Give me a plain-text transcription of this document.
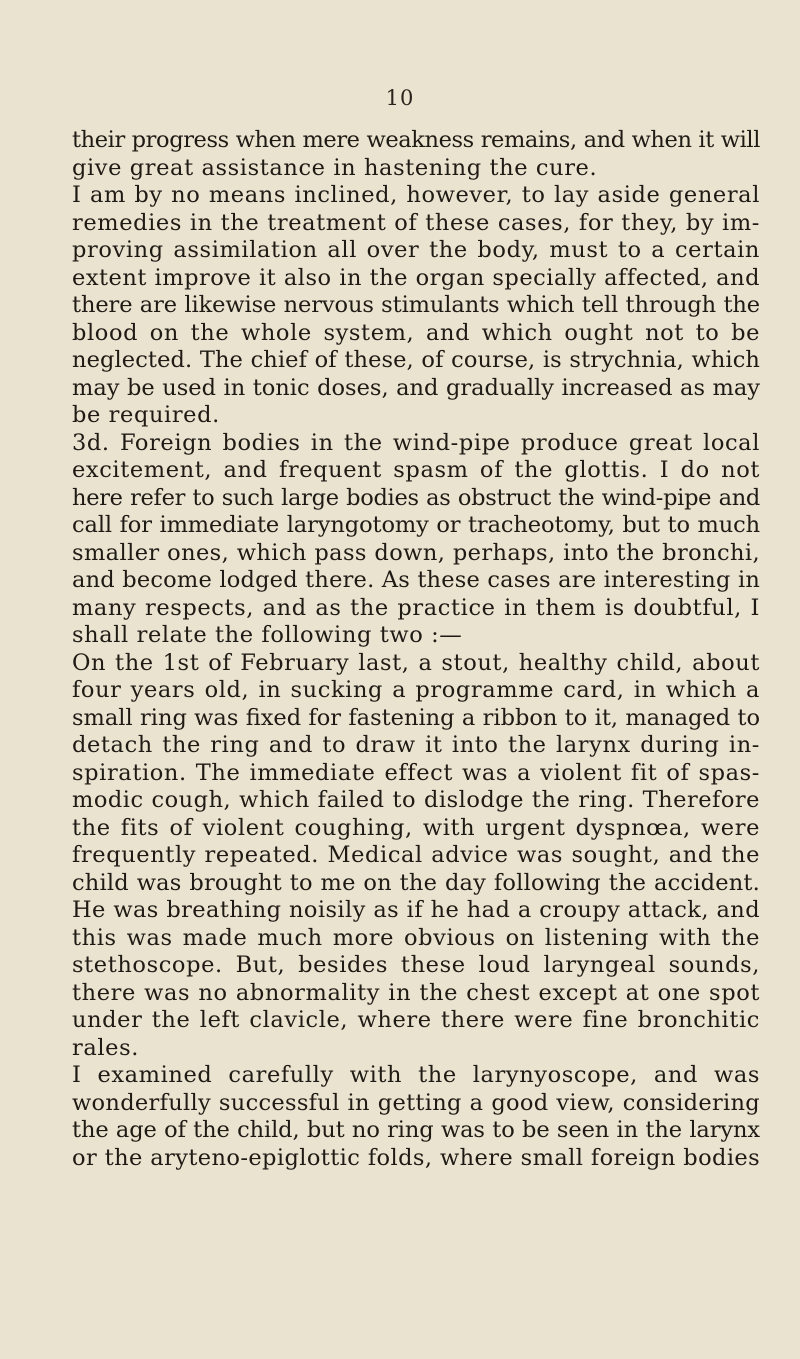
10
their progress when mere weakness remains, and when it will
give great assistance in hastening the cure.
I am by no means inclined, however, to lay aside general
remedies in the treatment of these cases, for they, by im-
proving assimilation all over the body, must to a certain
extent improve it also in the organ specially affected, and
there are likewise nervous stimulants which tell through the
blood on the whole system, and which ought not to be
neglected. The chief of these, of course, is strychnia, which
may be used in tonic doses, and gradually increased as may
be required.
3d. Foreign bodies in the wind-pipe produce great local
excitement, and frequent spasm of the glottis. I do not
here refer to such large bodies as obstruct the wind-pipe and
call for immediate laryngotomy or tracheotomy, but to much
smaller ones, which pass down, perhaps, into the bronchi,
and become lodged there. As these cases are interesting in
many respects, and as the practice in them is doubtful, I
shall relate the following two :—
On the 1st of February last, a stout, healthy child, about
four years old, in sucking a programme card, in which a
small ring was fixed for fastening a ribbon to it, managed to
detach the ring and to draw it into the larynx during in-
spiration. The immediate effect was a violent fit of spas-
modic cough, which failed to dislodge the ring. Therefore
the fits of violent coughing, with urgent dyspnœa, were
frequently repeated. Medical advice was sought, and the
child was brought to me on the day following the accident.
He was breathing noisily as if he had a croupy attack, and
this was made much more obvious on listening with the
stethoscope. But, besides these loud laryngeal sounds,
there was no abnormality in the chest except at one spot
under the left clavicle, where there were fine bronchitic
rales.
I examined carefully with the larynyoscope, and was
wonderfully successful in getting a good view, considering
the age of the child, but no ring was to be seen in the larynx
or the aryteno-epiglottic folds, where small foreign bodies
